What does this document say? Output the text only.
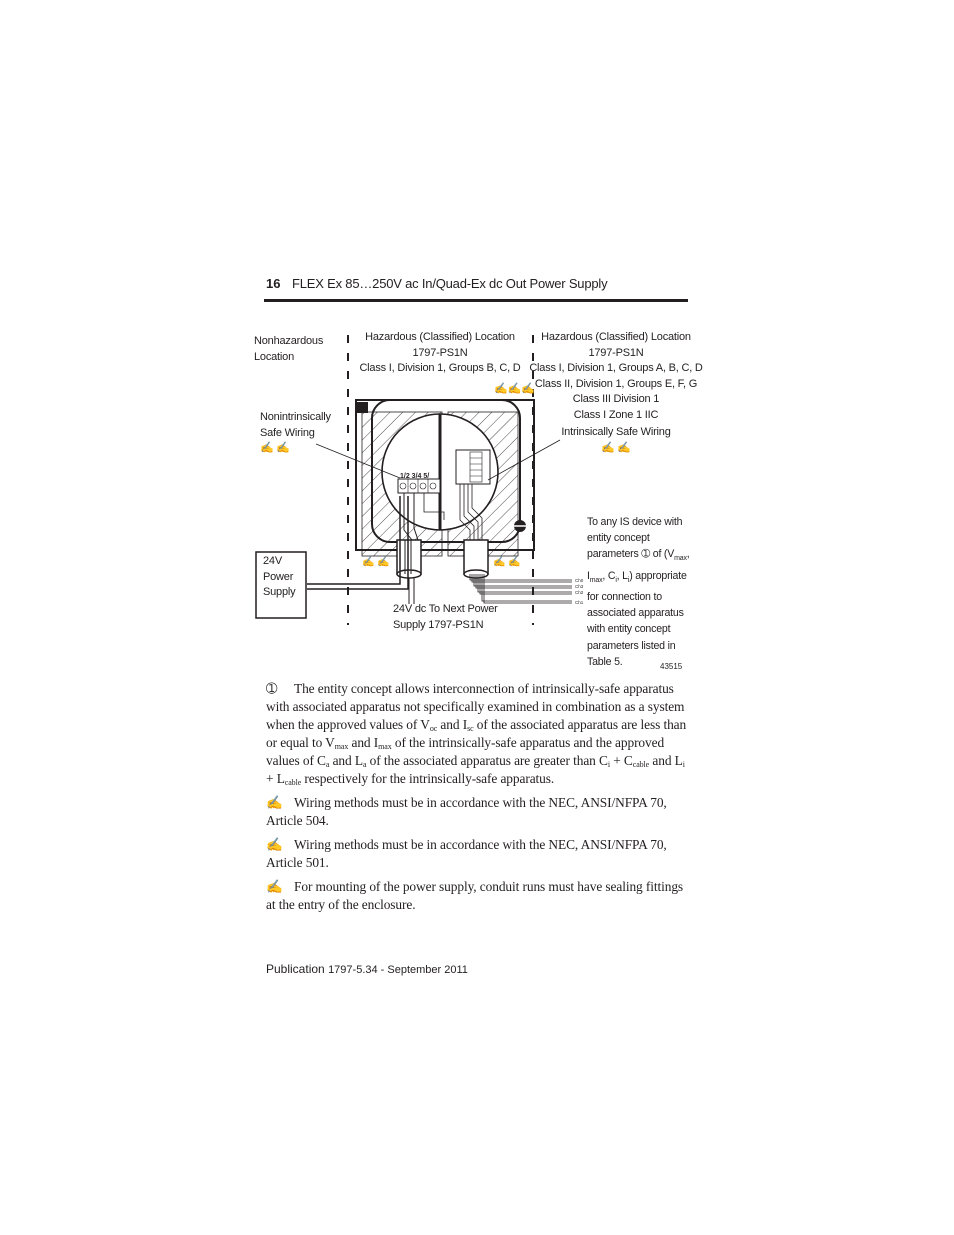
16 FLEX Ex 85…250V ac In/Quad-Ex dc Out Power Supply
1/2 3/4 5/
Ch0
Ch3
Ch2
Ch1
✍ ✍	✍ ✍
Nonhazardous
Location
Hazardous (Classified) Location
1797-PS1N
Class I, Division 1, Groups B, C, D
✍✍✍
Hazardous (Classified) Location
1797-PS1N
Class I, Division 1, Groups A, B, C, D
Class II, Division 1, Groups E, F, G
Class III Division 1
Class I Zone 1 IIC
Nonintrinsically
Safe Wiring
✍ ✍
Intrinsically Safe Wiring
✍ ✍
24V
Power
Supply
24V dc To Next Power
Supply 1797-PS1N
To any IS device with
entity concept
parameters ➀ of ($V_{max}$,
$I_{max}$, $C_i$, $L_i$) appropriate
for connection to
associated apparatus
with entity concept
parameters listed in
Table 5.	43515
➀ The entity concept allows interconnection of intrinsically-safe apparatus with associated apparatus not specifically examined in combination as a system when the approved values of $V_{oc}$ and $I_{sc}$ of the associated apparatus are less than or equal to $V_{max}$ and $I_{max}$ of the intrinsically-safe apparatus and the approved values of $C_a$ and $L_a$ of the associated apparatus are greater than $C_i + C_{cable}$ and $L_i + L_{cable}$ respectively for the intrinsically-safe apparatus.
✍ Wiring methods must be in accordance with the NEC, ANSI/NFPA 70, Article 504.
✍ Wiring methods must be in accordance with the NEC, ANSI/NFPA 70, Article 501.
✍ For mounting of the power supply, conduit runs must have sealing fittings at the entry of the enclosure.
Publication 1797-5.34 - September 2011
